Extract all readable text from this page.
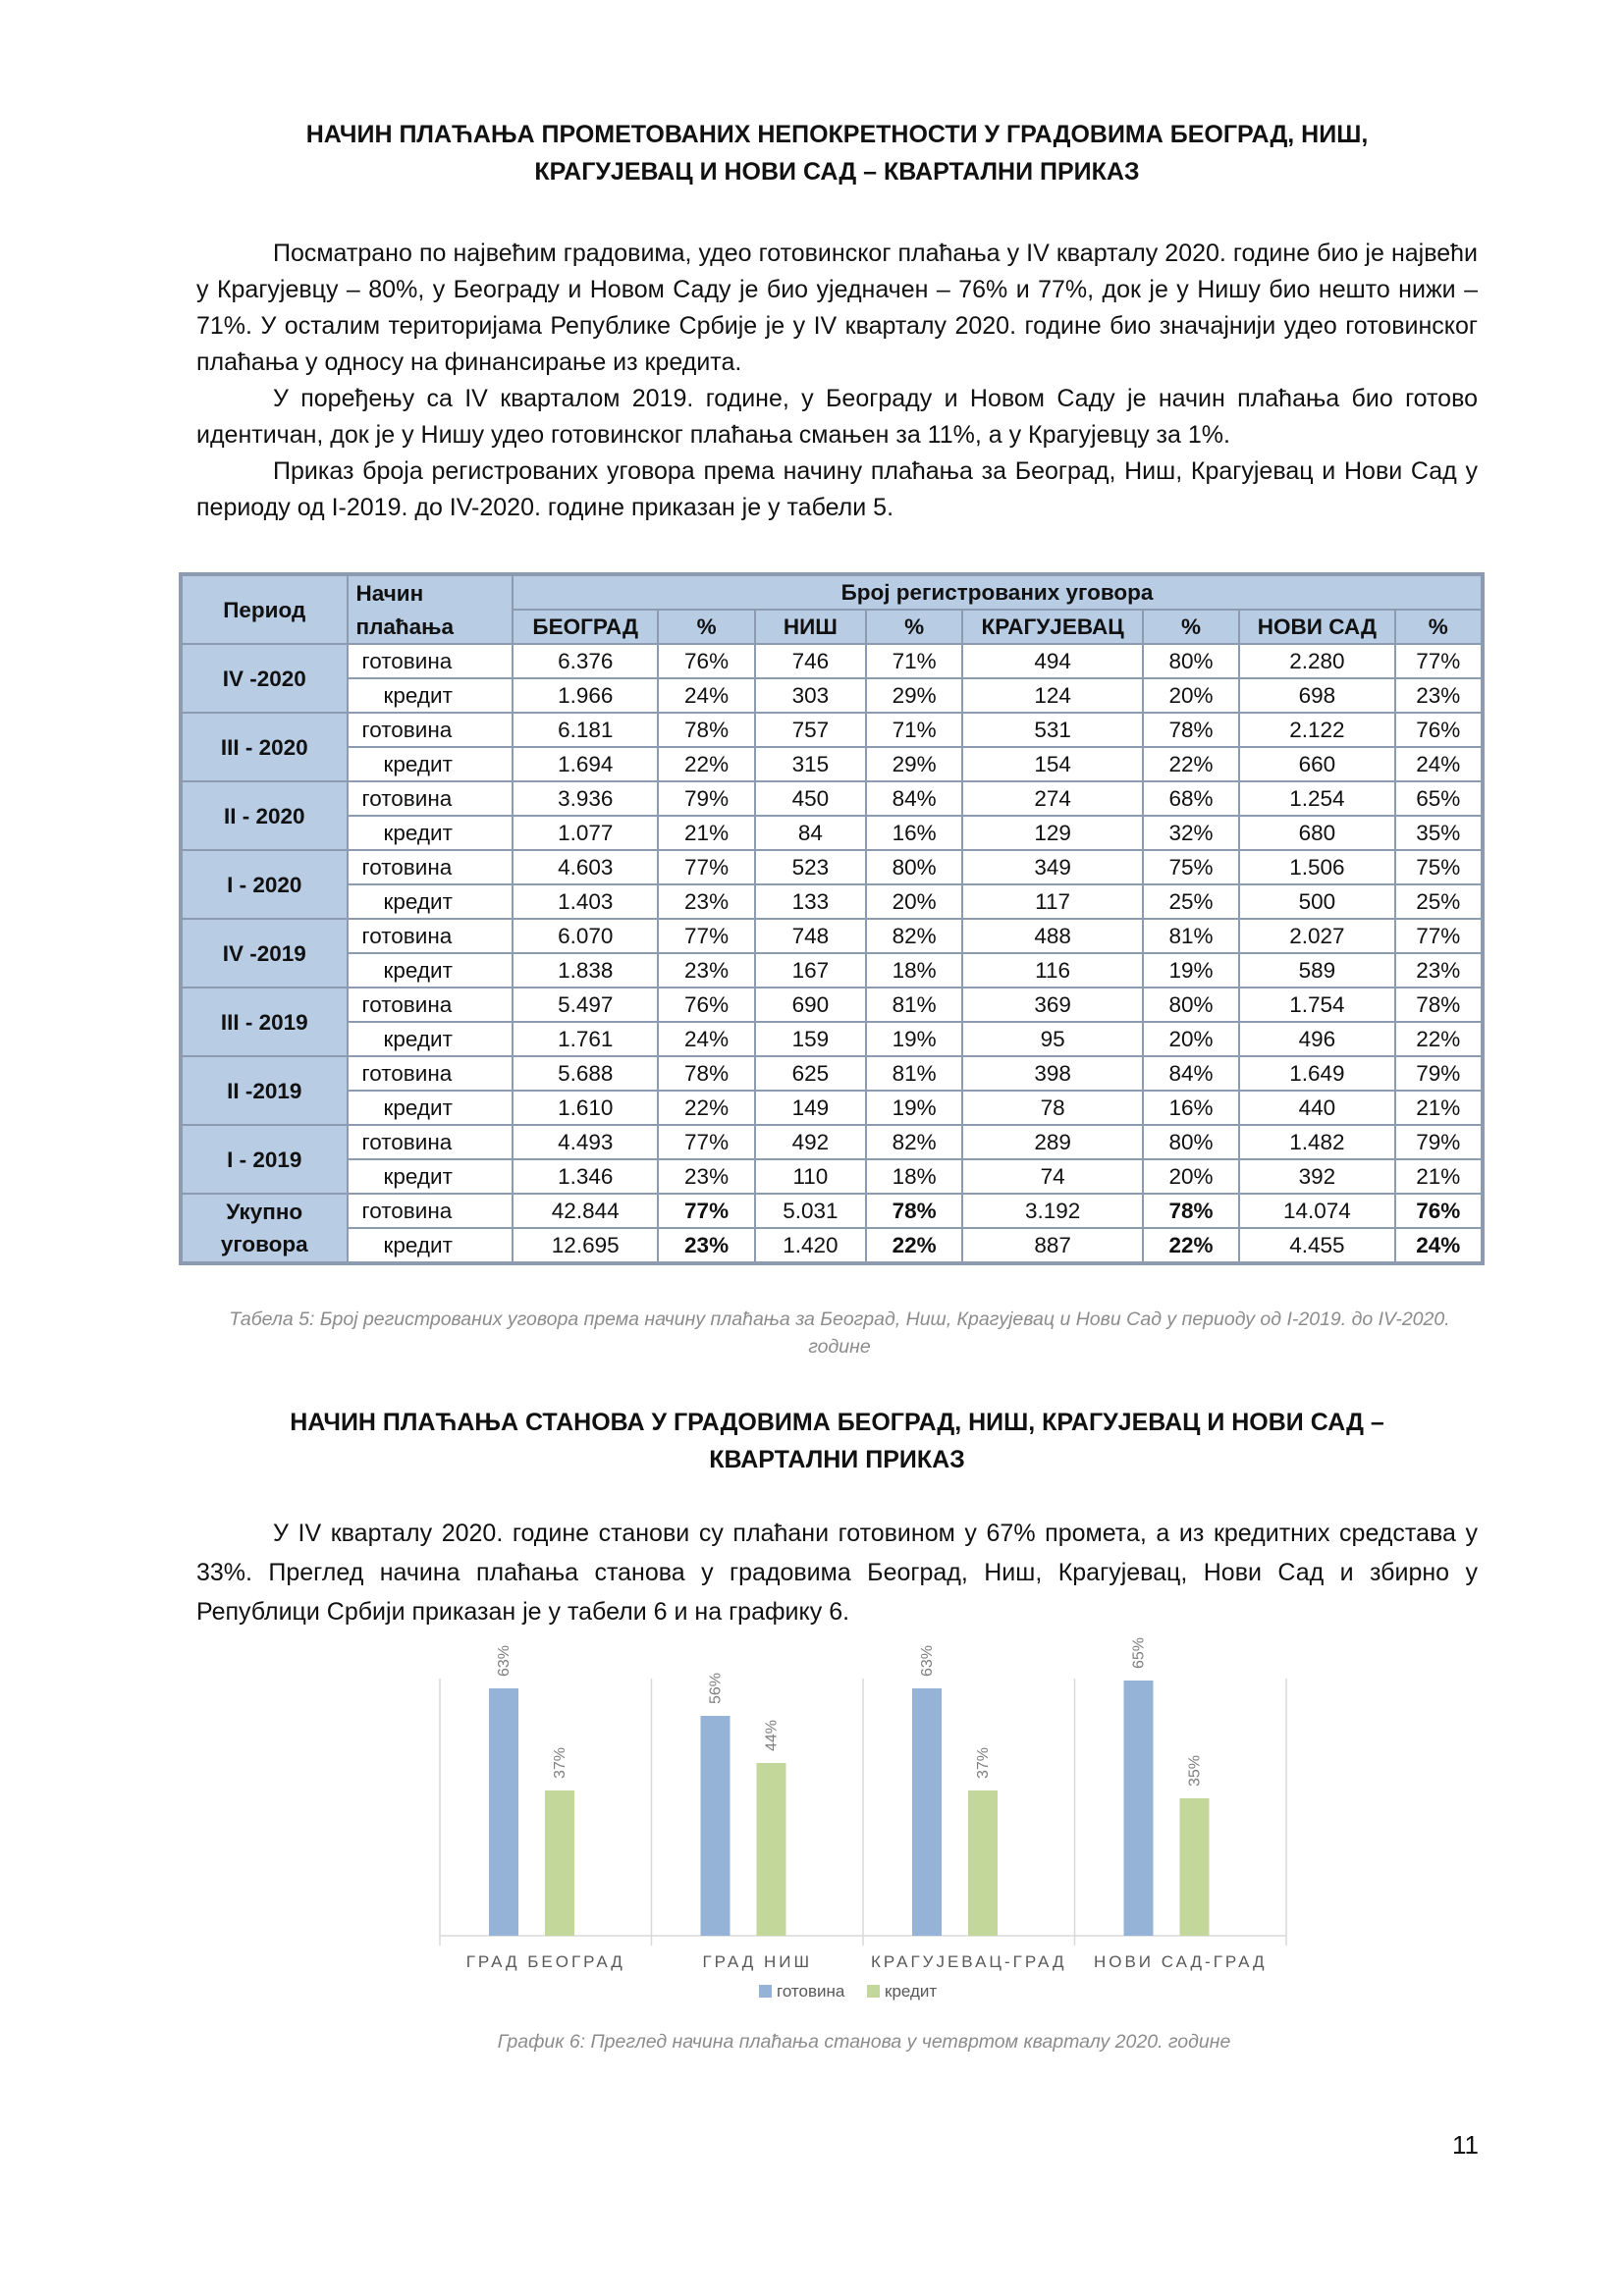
НАЧИН ПЛАЋАЊА ПРОМЕТОВАНИХ НЕПОКРЕТНОСТИ У ГРАДОВИМА БЕОГРАД, НИШ,
КРАГУЈЕВАЦ И НОВИ САД – КВАРТАЛНИ ПРИКАЗ

Посматрано по највећим градовима, удео готовинског плаћања у IV кварталу 2020. године био је највећи у Крагујевцу – 80%, у Београду и Новом Саду је био уједначен – 76% и 77%, док је у Нишу био нешто нижи – 71%. У осталим територијама Републике Србије је у IV кварталу 2020. године био значајнији удео готовинског плаћања у односу на финансирање из кредита.

У поређењу са IV кварталом 2019. године, у Београду и Новом Саду је начин плаћања био готово идентичан, док је у Нишу удео готовинског плаћања смањен за 11%, а у Крагујевцу за 1%.

Приказ броја регистрованих уговора према начину плаћања за Београд, Ниш, Крагујевац и Нови Сад у периоду од I-2019. до IV-2020. године приказан је у табели 5.

Период	Начин	Број регистрованих уговора							
	плаћања	БЕОГРАД	%	НИШ	%	КРАГУЈЕВАЦ	%	НОВИ САД	%
IV -2020	готовина	6.376	76%	746	71%	494	80%	2.280	77%
	кредит	1.966	24%	303	29%	124	20%	698	23%
III - 2020	готовина	6.181	78%	757	71%	531	78%	2.122	76%
	кредит	1.694	22%	315	29%	154	22%	660	24%
II - 2020	готовина	3.936	79%	450	84%	274	68%	1.254	65%
	кредит	1.077	21%	84	16%	129	32%	680	35%
I - 2020	готовина	4.603	77%	523	80%	349	75%	1.506	75%
	кредит	1.403	23%	133	20%	117	25%	500	25%
IV -2019	готовина	6.070	77%	748	82%	488	81%	2.027	77%
	кредит	1.838	23%	167	18%	116	19%	589	23%
III - 2019	готовина	5.497	76%	690	81%	369	80%	1.754	78%
	кредит	1.761	24%	159	19%	95	20%	496	22%
II -2019	готовина	5.688	78%	625	81%	398	84%	1.649	79%
	кредит	1.610	22%	149	19%	78	16%	440	21%
I - 2019	готовина	4.493	77%	492	82%	289	80%	1.482	79%
	кредит	1.346	23%	110	18%	74	20%	392	21%

Укупно
уговора	готовина	42.844	77%	5.031	78%	3.192	78%	14.074	76%
	кредит	12.695	23%	1.420	22%	887	22%	4.455	24%
Табела 5: Број регистрованих уговора према начину плаћања за Београд, Ниш, Крагујевац и Нови Сад у периоду од I-2019. до IV-2020. године
НАЧИН ПЛАЋАЊА СТАНОВА У ГРАДОВИМА БЕОГРАД, НИШ, КРАГУЈЕВАЦ И НОВИ САД –
КВАРТАЛНИ ПРИКАЗ

У IV кварталу 2020. године станови су плаћани готовином у 67% промета, а из кредитних средстава у 33%. Преглед начина плаћања станова у градовима Београд, Ниш, Крагујевац, Нови Сад и збирно у Републици Србији приказан је у табели 6 и на графику 6.

63%
37%
ГРАД БЕОГРАД
56%
44%
ГРАД НИШ
63%
37%
КРАГУЈЕВАЦ-ГРАД
65%
35%
НОВИ САД-ГРАД
готовина кредит
График 6: Преглед начина плаћања станова у четвртом кварталу 2020. године
11
